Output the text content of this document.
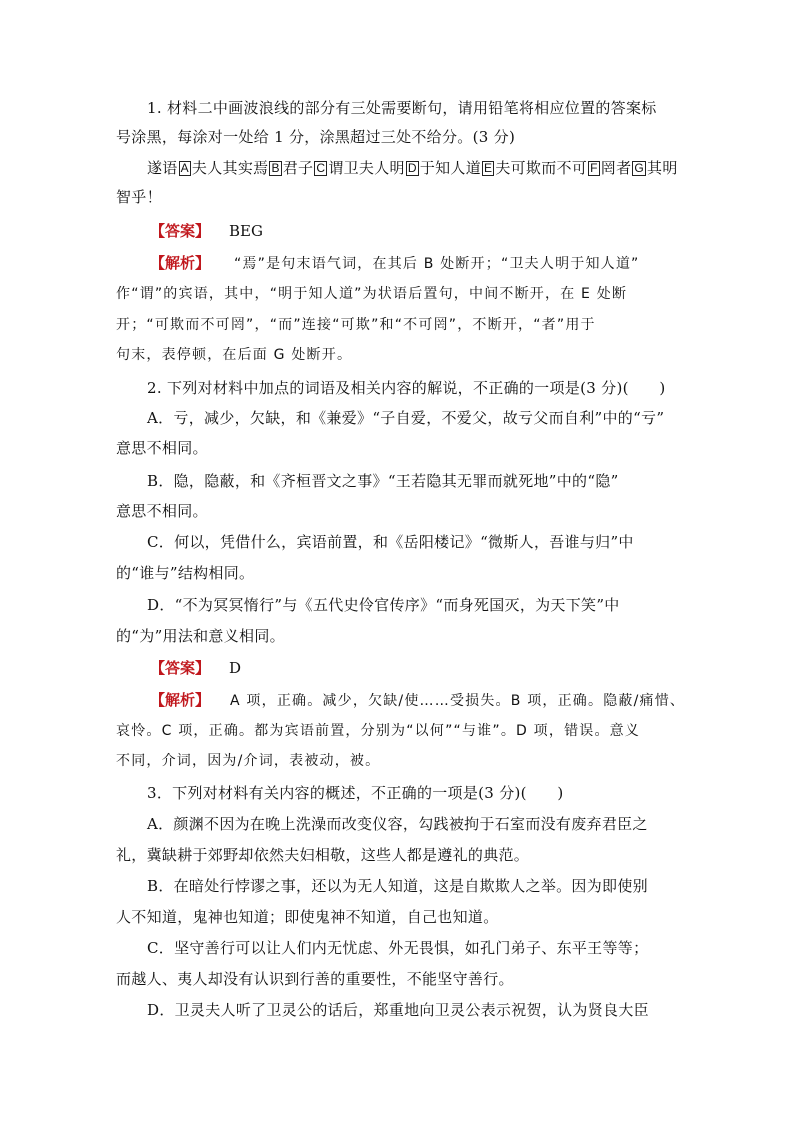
1. 材料二中画波浪线的部分有三处需要断句，请用铅笔将相应位置的答案标
号涂黑，每涂对一处给 1 分，涂黑超过三处不给分。(3 分)
遂语 A 夫人其实焉 B 君子 C 谓卫夫人明 D 于知人道 E 夫可欺而不可 F 罔者 G 其明
智乎！
【答案】 BEG
【解析】 “焉”是句末语气词，在其后 B 处断开；“卫夫人明于知人道”
作“谓”的宾语，其中，“明于知人道”为状语后置句，中间不断开，在 E 处断
开；“可欺而不可罔”，“而”连接“可欺”和“不可罔”，不断开，“者”用于
句末，表停顿，在后面 G 处断开。
2. 下列对材料中加点的词语及相关内容的解说，不正确的一项是(3 分)(　　)
A．亏，减少，欠缺，和《兼爱》“子自爱，不爱父，故亏父而自利”中的“亏”
意思不相同。
B．隐，隐蔽，和《齐桓晋文之事》“王若隐其无罪而就死地”中的“隐”
意思不相同。
C．何以，凭借什么，宾语前置，和《岳阳楼记》“微斯人，吾谁与归”中
的“谁与”结构相同。
D．“不为冥冥惰行”与《五代史伶官传序》“而身死国灭，为天下笑”中
的“为”用法和意义相同。
【答案】 D
【解析】 A 项，正确。减少，欠缺/使……受损失。B 项，正确。隐蔽/痛惜、
哀怜。C 项，正确。都为宾语前置，分别为“以何”“与谁”。D 项，错误。意义
不同，介词，因为/介词，表被动，被。
3．下列对材料有关内容的概述，不正确的一项是(3 分)(　　)
A．颜渊不因为在晚上洗澡而改变仪容，勾践被拘于石室而没有废弃君臣之
礼，冀缺耕于郊野却依然夫妇相敬，这些人都是遵礼的典范。
B．在暗处行悖谬之事，还以为无人知道，这是自欺欺人之举。因为即使别
人不知道，鬼神也知道；即使鬼神不知道，自己也知道。
C．坚守善行可以让人们内无忧虑、外无畏惧，如孔门弟子、东平王等等；
而越人、夷人却没有认识到行善的重要性，不能坚守善行。
D．卫灵夫人听了卫灵公的话后，郑重地向卫灵公表示祝贺，认为贤良大臣
